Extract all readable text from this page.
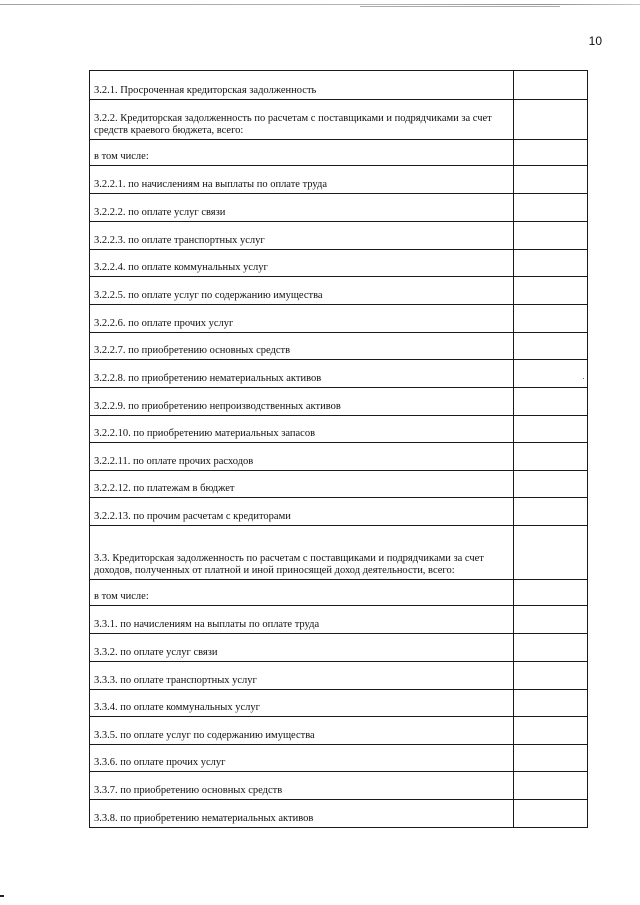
10
3.2.1. Просроченная кредиторская задолженность	
3.2.2. Кредиторская задолженность по расчетам с поставщиками и подрядчиками за счет средств краевого бюджета, всего:	
в том числе:	
3.2.2.1. по начислениям на выплаты по оплате труда	
3.2.2.2. по оплате услуг связи	
3.2.2.3. по оплате транспортных услуг	
3.2.2.4. по оплате коммунальных услуг	
3.2.2.5. по оплате услуг по содержанию имущества	
3.2.2.6. по оплате прочих услуг	
3.2.2.7. по приобретению основных средств	
3.2.2.8. по приобретению нематериальных активов	
3.2.2.9. по приобретению непроизводственных активов	
3.2.2.10. по приобретению материальных запасов	
3.2.2.11. по оплате прочих расходов	
3.2.2.12. по платежам в бюджет	
3.2.2.13. по прочим расчетам с кредиторами	
3.3. Кредиторская задолженность по расчетам с поставщиками и подрядчиками за счет доходов, полученных от платной и иной приносящей доход деятельности, всего:	
в том числе:	
3.3.1. по начислениям на выплаты по оплате труда	
3.3.2. по оплате услуг связи	
3.3.3. по оплате транспортных услуг	
3.3.4. по оплате коммунальных услуг	
3.3.5. по оплате услуг по содержанию имущества	
3.3.6. по оплате прочих услуг	
3.3.7. по приобретению основных средств	
3.3.8. по приобретению нематериальных активов	
